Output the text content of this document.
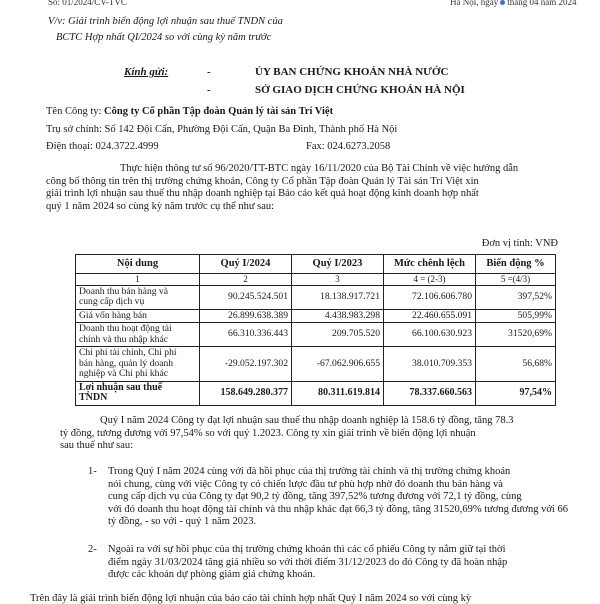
Số: 01/2024/CV-TVC	Hà Nội, ngày tháng 04 năm 2024
V/v: Giải trình biến động lợi nhuận sau thuế TNDN của
BCTC Hợp nhất QI/2024 so với cùng kỳ năm trước
Kính gửi:	-	ỦY BAN CHỨNG KHOÁN NHÀ NƯỚC
-	SỞ GIAO DỊCH CHỨNG KHOÁN HÀ NỘI
Tên Công ty: Công ty Cổ phần Tập đoàn Quản lý tài sản Trí Việt
Trụ sở chính: Số 142 Đội Cấn, Phường Đội Cấn, Quận Ba Đình, Thành phố Hà Nội
Điện thoại: 024.3722.4999	Fax: 024.6273.2058
Thực hiện thông tư số 96/2020/TT-BTC ngày 16/11/2020 của Bộ Tài Chính về việc hướng dẫn
công bố thông tin trên thị trường chứng khoán, Công ty Cổ phần Tập đoàn Quản lý Tài sản Trí Việt xin
giải trình lợi nhuận sau thuế thu nhập doanh nghiệp tại Báo cáo kết quả hoạt động kinh doanh hợp nhất
quý 1 năm 2024 so cùng kỳ năm trước cụ thể như sau:
Đơn vị tính: VNĐ
Nội dung	Quý I/2024	Quý I/2023	Mức chênh lệch	Biến động %
1	2	3	4 = (2-3)	5 =(4/3)
Doanh thu bán hàng và
cung cấp dịch vụ	90.245.524.501	18.138.917.721	72.106.606.780	397,52%
Giá vốn hàng bán	26.899.638.389	4.438.983.298	22.460.655.091	505,99%
Doanh thu hoạt động tài
chính và thu nhập khác	66.310.336.443	209.705.520	66.100.630.923	31520,69%
Chi phí tài chính, Chi phí
bán hàng, quản lý doanh
nghiệp và Chi phí khác	-29.052.197.302	-67.062.906.655	38.010.709.353	56,68%
Lợi nhuận sau thuế
TNDN	158.649.280.377	80.311.619.814	78.337.660.563	97,54%
Quý I năm 2024 Công ty đạt lợi nhuận sau thuế thu nhập doanh nghiệp là 158.6 tỷ đồng, tăng 78.3
tỷ đồng, tương đương với 97,54% so với quý 1.2023. Công ty xin giải trình về biến động lợi nhuận
sau thuế như sau:
1- Trong Quý I năm 2024 cùng với đà hồi phục của thị trường tài chính và thị trường chứng khoán
nói chung, cùng với việc Công ty có chiến lược đầu tư phù hợp nhờ đó doanh thu bán hàng và
cung cấp dịch vụ của Công ty đạt 90,2 tỷ đồng, tăng 397,52% tương đương với 72,1 tỷ đồng, cùng
với đó doanh thu hoạt động tài chính và thu nhập khác đạt 66,3 tỷ đồng, tăng 31520,69% tương đương với 66
tỷ đồng, - so với - quý 1 năm 2023.
2- Ngoài ra với sự hồi phục của thị trường chứng khoán thì các cổ phiếu Công ty nắm giữ tại thời
điểm ngày 31/03/2024 tăng giá nhiều so với thời điểm 31/12/2023 do đó Công ty đã hoàn nhập
được các khoản dự phòng giảm giá chứng khoán.
Trên đây là giải trình biến động lợi nhuận của báo cáo tài chính hợp nhất Quý I năm 2024 so với cùng kỳ
